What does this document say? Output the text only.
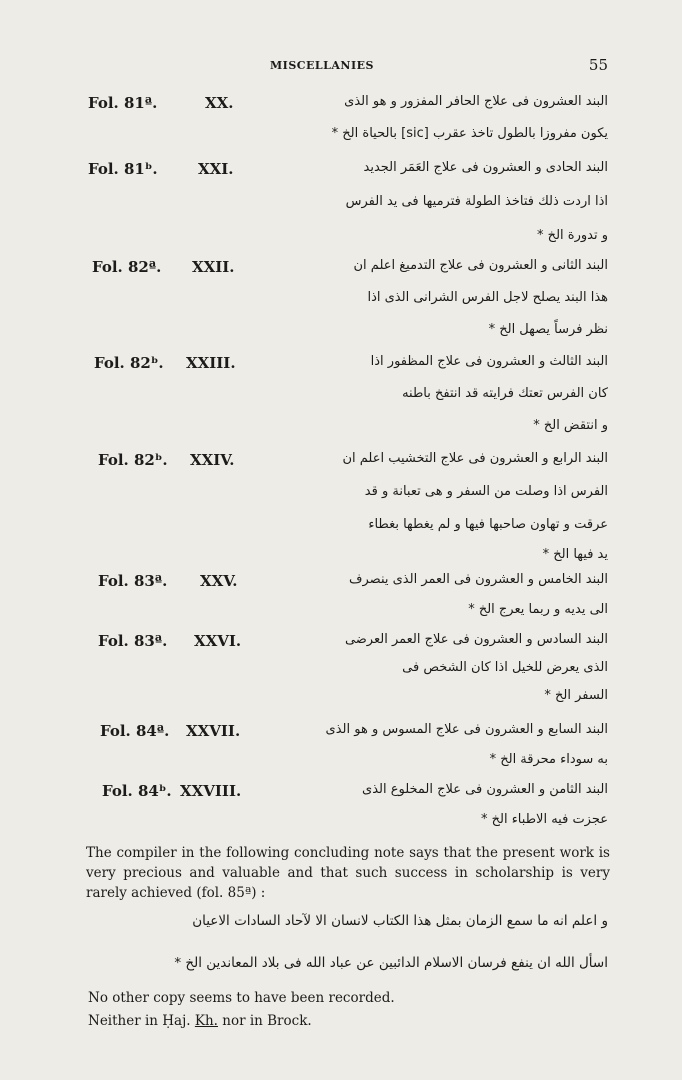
MISCELLANIES	55
Fol. 81ª.	XX.	البند العشرون فى علاج الحافر المفزور و هو الذى
يكون مفروزا بالطول تاخذ عقرب [sic] بالحياة الخ *
Fol. 81ᵇ.	XXI.	البند الحادى و العشرون فى علاج العَمَر الجديد
اذا اردت ذلك فتاخذ الطولة فترميها فى يد الفرس
و تدورة الخ *
Fol. 82ª. XXII.	البند الثانى و العشرون فى علاج التدميغ اعلم ان
هذا البند يصلح لاجل الفرس الشرانى الذى اذا
نظر فرساً يصهل الخ *
Fol. 82ᵇ. XXIII.	البند الثالث و العشرون فى علاج المظفور اذا
كان الفرس تعتك فرايته قد انتفخ باطنه
و انتقض الخ *
Fol. 82ᵇ. XXIV.	البند الرابع و العشرون فى علاج التخشيب اعلم ان
الفرس اذا وصلت من السفر و هى تعبانة و قد
عرقت و تهاون صاحبها فيها و لم يغطها بغطاء
يد فيها الخ *
Fol. 83ª. XXV.	البند الخامس و العشرون فى العمر الذى ينصرف
الى يديه و ربما يعرج الخ *
Fol. 83ª. XXVI.	البند السادس و العشرون فى علاج العمر العرضى
الذى يعرض للخيل اذا كان الشخص فى
السفر الخ *
Fol. 84ª. XXVII.	البند السابع و العشرون فى علاج المسوس و هو الذى
به سوداء محرقة الخ *
Fol. 84ᵇ. XXVIII.	البند الثامن و العشرون فى علاج المخلوع الذى
عجزت فيه الاطباء الخ *

The compiler in the following concluding note says that the present work is very precious and valuable and that such success in scholarship is very rarely achieved (fol. 85ª) :

و اعلم انه ما سمع الزمان بمثل هذا الكتاب لانسان الا لآحاد السادات الاعيان
اسأل الله ان ينفع فرسان الاسلام الدائبين عن عباد الله فى بلاد المعاندين الخ *
No other copy seems to have been recorded.
Neither in Ḥaj. Kh. nor in Brock.
